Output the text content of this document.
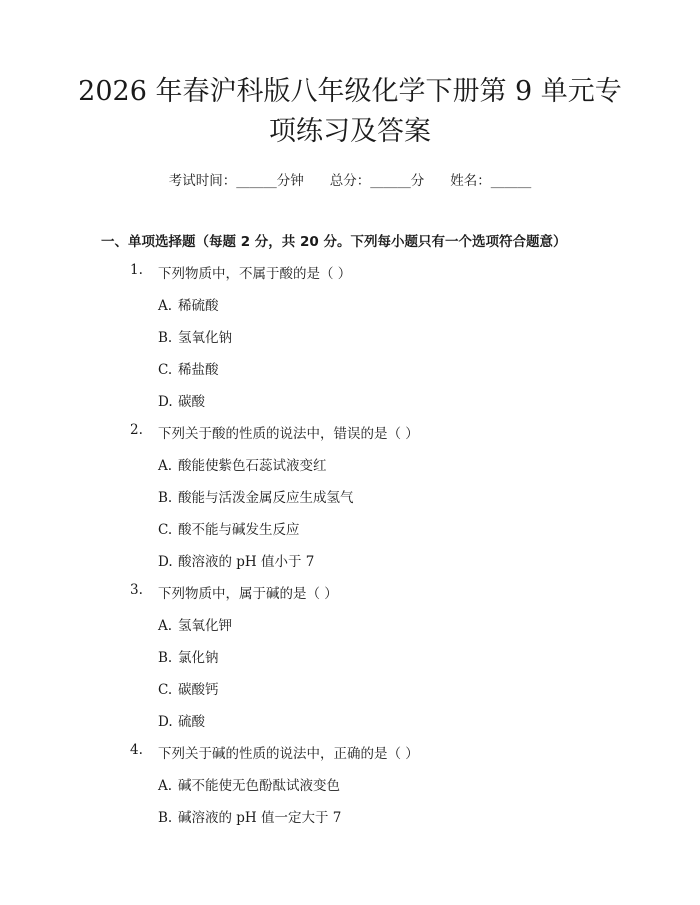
2026 年春沪科版八年级化学下册第 9 单元专
项练习及答案
考试时间：______分钟 总分：______分 姓名：______
一、单项选择题（每题 2 分，共 20 分。下列每小题只有一个选项符合题意）
1. 下列物质中，不属于酸的是（ ）
A. 稀硫酸
B. 氢氧化钠
C. 稀盐酸
D. 碳酸
2. 下列关于酸的性质的说法中，错误的是（ ）
A. 酸能使紫色石蕊试液变红
B. 酸能与活泼金属反应生成氢气
C. 酸不能与碱发生反应
D. 酸溶液的 pH 值小于 7
3. 下列物质中，属于碱的是（ ）
A. 氢氧化钾
B. 氯化钠
C. 碳酸钙
D. 硫酸
4. 下列关于碱的性质的说法中，正确的是（ ）
A. 碱不能使无色酚酞试液变色
B. 碱溶液的 pH 值一定大于 7
